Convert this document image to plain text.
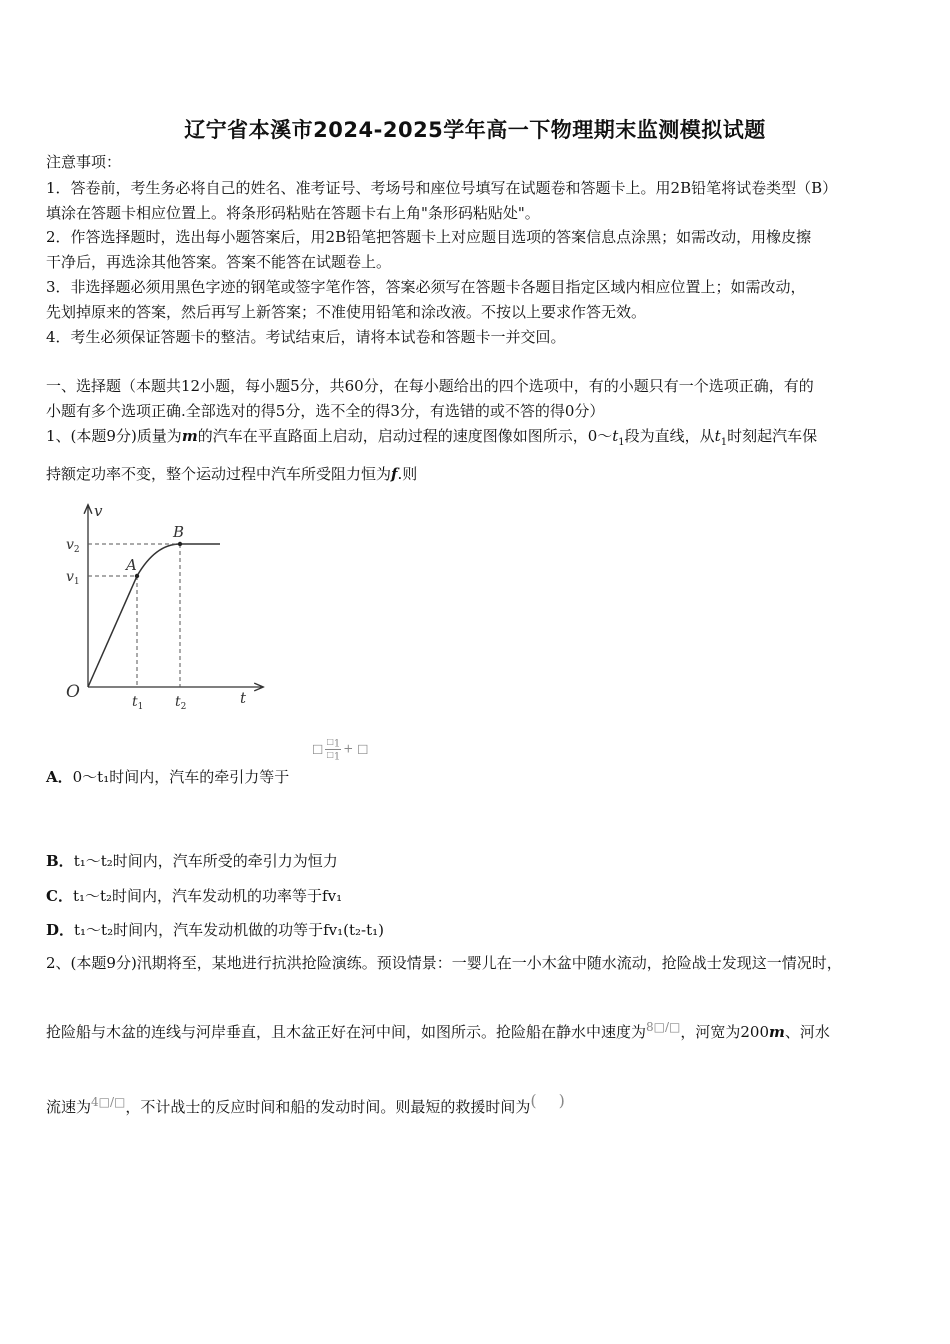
辽宁省本溪市2024-2025学年高一下物理期末监测模拟试题
注意事项：
1．答卷前，考生务必将自己的姓名、准考证号、考场号和座位号填写在试题卷和答题卡上。用2B铅笔将试卷类型（B）
填涂在答题卡相应位置上。将条形码粘贴在答题卡右上角"条形码粘贴处"。
2．作答选择题时，选出每小题答案后，用2B铅笔把答题卡上对应题目选项的答案信息点涂黑；如需改动，用橡皮擦
干净后，再选涂其他答案。答案不能答在试题卷上。
3．非选择题必须用黑色字迹的钢笔或签字笔作答，答案必须写在答题卡各题目指定区域内相应位置上；如需改动，
先划掉原来的答案，然后再写上新答案；不准使用铅笔和涂改液。不按以上要求作答无效。
4．考生必须保证答题卡的整洁。考试结束后，请将本试卷和答题卡一并交回。
一、选择题（本题共12小题，每小题5分，共60分，在每小题给出的四个选项中，有的小题只有一个选项正确，有的
小题有多个选项正确.全部选对的得5分，选不全的得3分，有选错的或不答的得0分）
1、(本题9分)质量为m的汽车在平直路面上启动，启动过程的速度图像如图所示，$0\sim t_1$段为直线，从$t_1$时刻起汽车保
持额定功率不变，整个运动过程中汽车所受阻力恒为f.则
v
t
O
$v_2$
$v_1$
$t_1$ $t_2$
A
B
□ $\frac{□_1}{□_1}$ + □
A．0～t₁时间内，汽车的牵引力等于
B．t₁～t₂时间内，汽车所受的牵引力为恒力
C．t₁～t₂时间内，汽车发动机的功率等于fv₁
D．t₁～t₂时间内，汽车发动机做的功等于fv₁(t₂-t₁)
2、(本题9分)汛期将至，某地进行抗洪抢险演练。预设情景：一婴儿在一小木盆中随水流动，抢险战士发现这一情况时，
抢险船与木盆的连线与河岸垂直，且木盆正好在河中间，如图所示。抢险船在静水中速度为$^{8□/□}$，河宽为200m、河水
流速为$^{4□/□}$，不计战士的反应时间和船的发动时间。则最短的救援时间为()
